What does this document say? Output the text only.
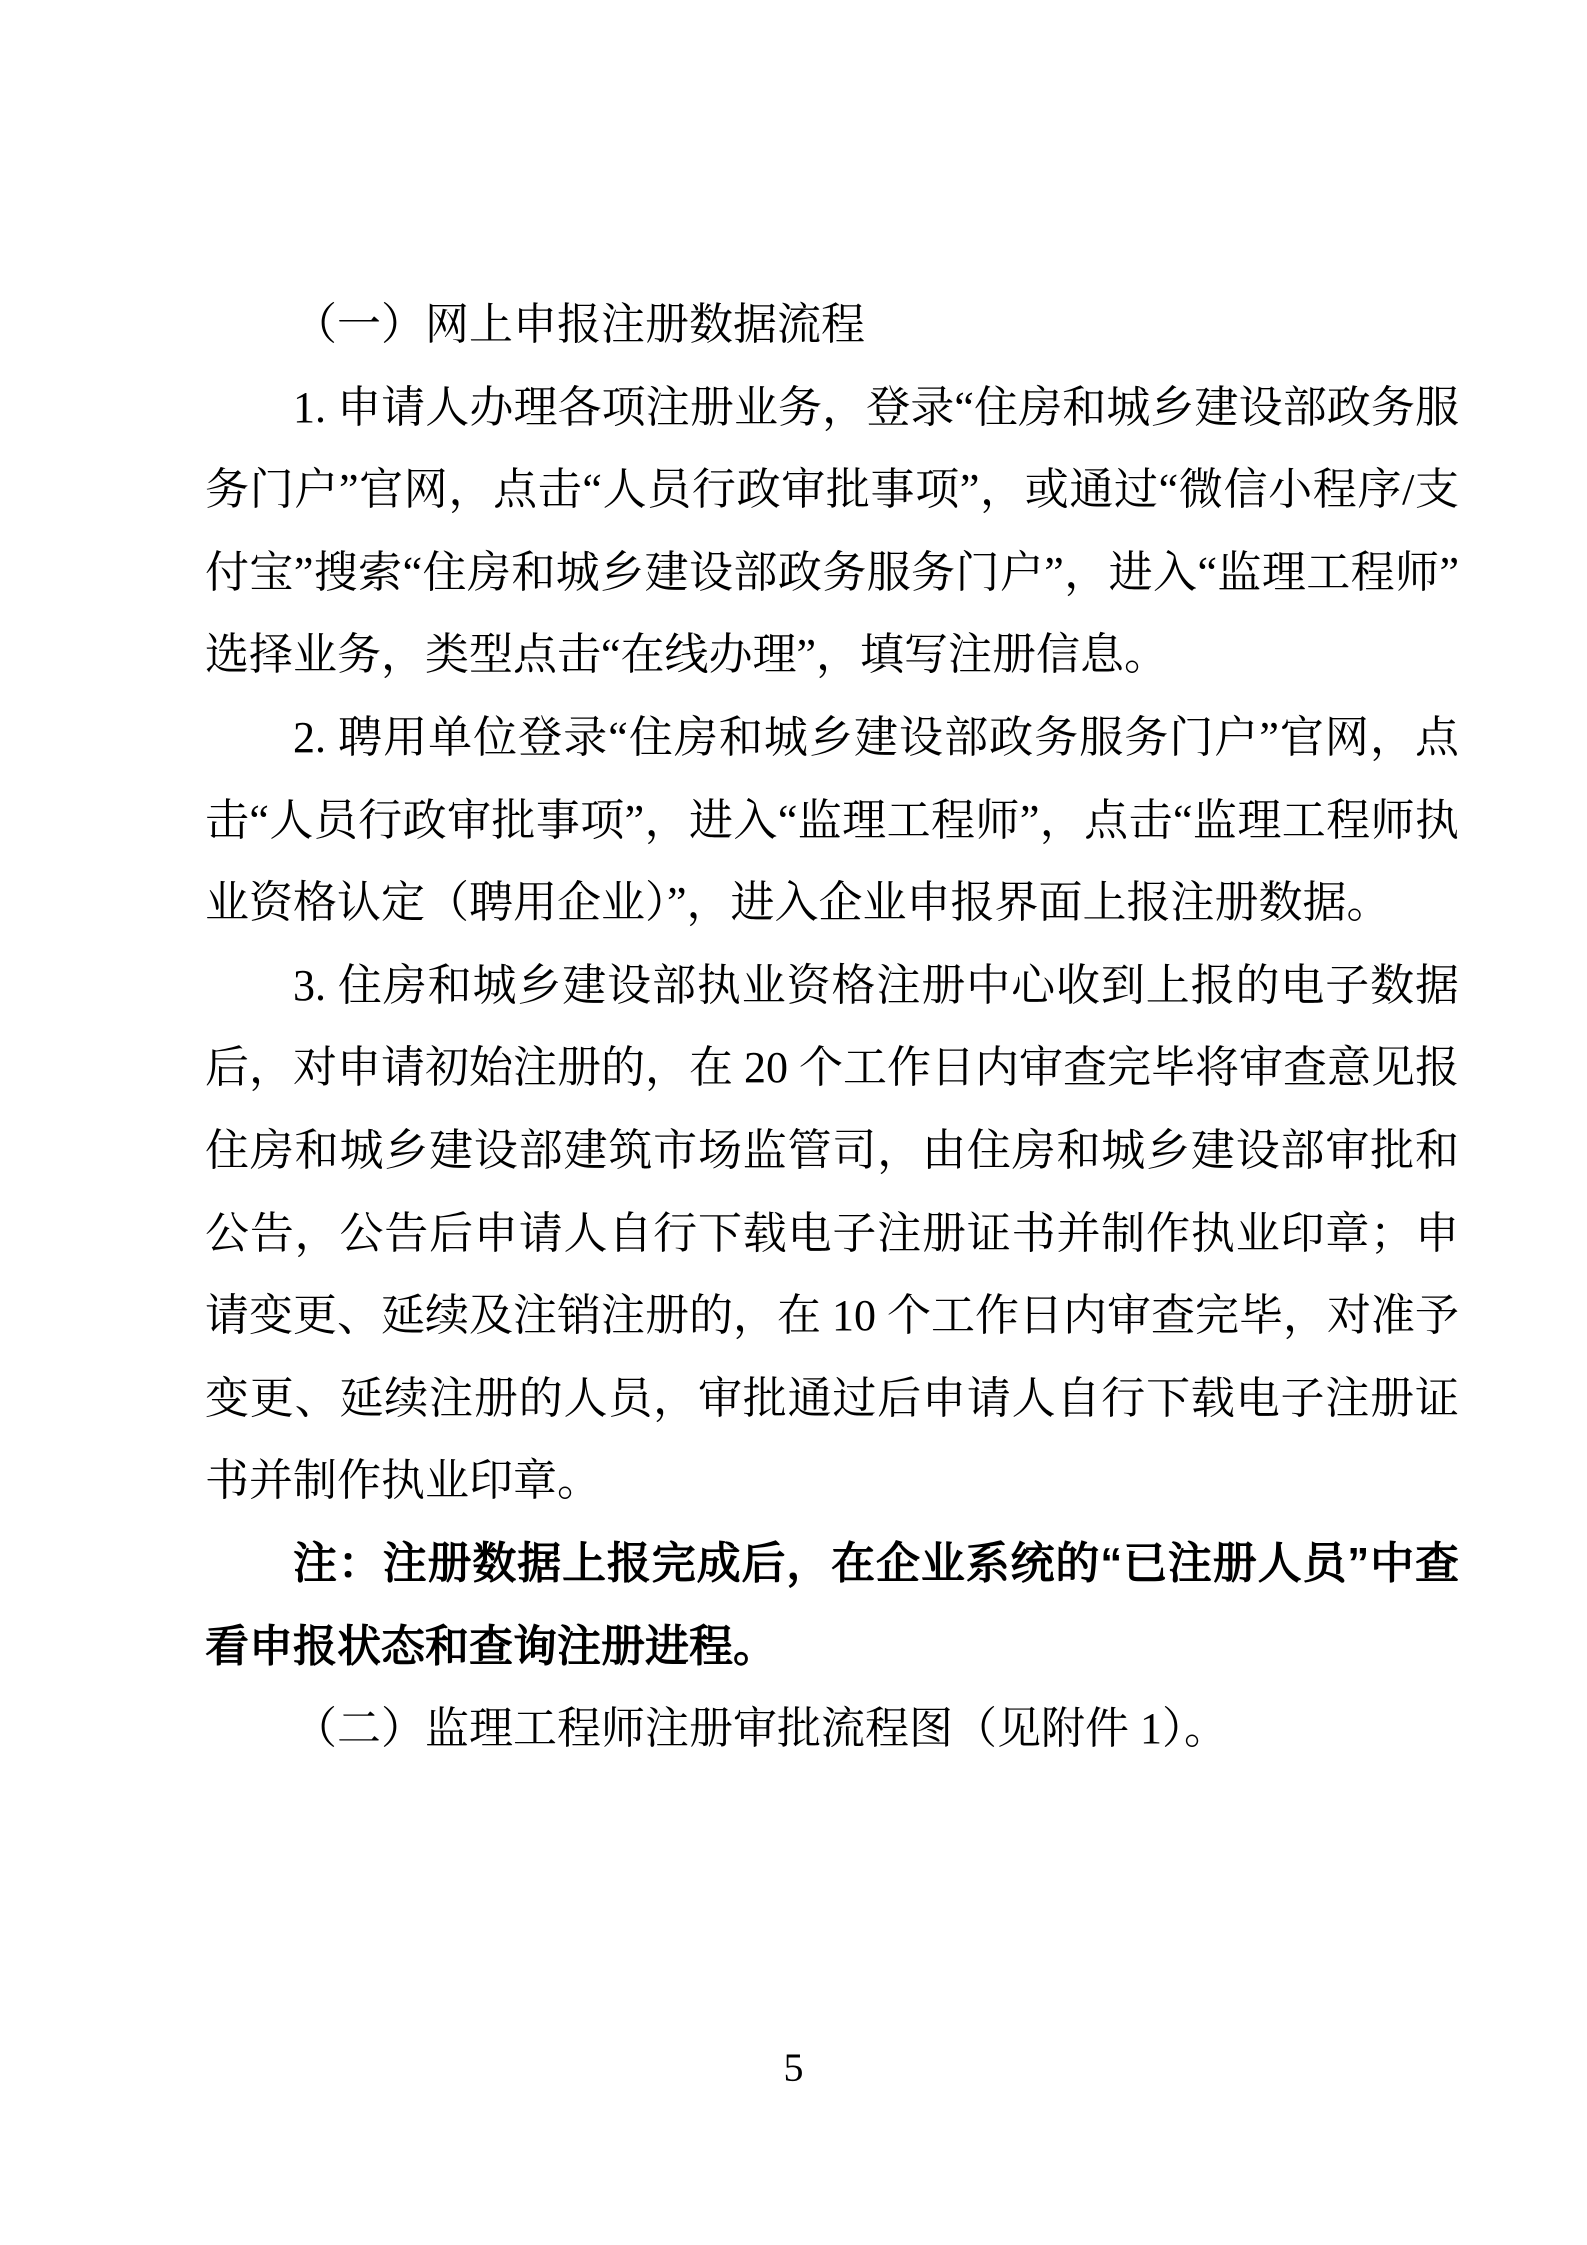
（一）网上申报注册数据流程

1. 申请人办理各项注册业务，登录“住房和城乡建设部政务服务门户”官网，点击“人员行政审批事项”，或通过“微信小程序/支付宝”搜索“住房和城乡建设部政务服务门户”，进入“监理工程师”选择业务，类型点击“在线办理”，填写注册信息。

2. 聘用单位登录“住房和城乡建设部政务服务门户”官网，点击“人员行政审批事项”，进入“监理工程师”，点击“监理工程师执业资格认定（聘用企业）”，进入企业申报界面上报注册数据。

3. 住房和城乡建设部执业资格注册中心收到上报的电子数据后，对申请初始注册的，在 20 个工作日内审查完毕将审查意见报住房和城乡建设部建筑市场监管司，由住房和城乡建设部审批和公告，公告后申请人自行下载电子注册证书并制作执业印章；申请变更、延续及注销注册的，在 10 个工作日内审查完毕，对准予变更、延续注册的人员，审批通过后申请人自行下载电子注册证书并制作执业印章。

注：注册数据上报完成后，在企业系统的“已注册人员”中查看申报状态和查询注册进程。

（二）监理工程师注册审批流程图（见附件 1）。

5
